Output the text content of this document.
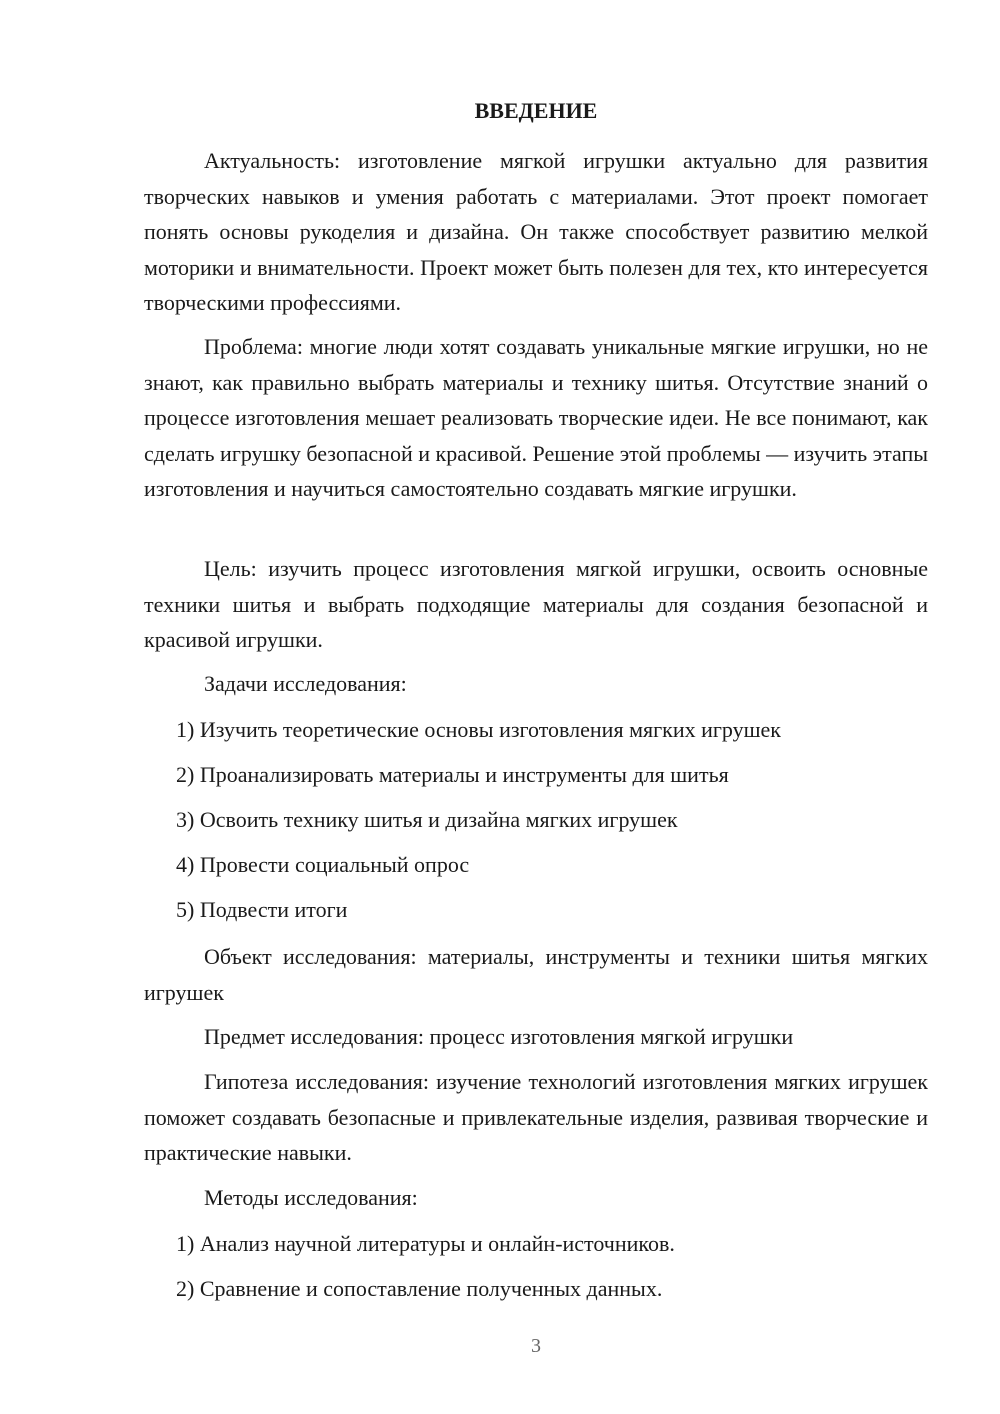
ВВЕДЕНИЕ

Актуальность: изготовление мягкой игрушки актуально для развития творческих навыков и умения работать с материалами. Этот проект помогает понять основы рукоделия и дизайна. Он также способствует развитию мелкой моторики и внимательности. Проект может быть полезен для тех, кто интересуется творческими профессиями.

Проблема: многие люди хотят создавать уникальные мягкие игрушки, но не знают, как правильно выбрать материалы и технику шитья. Отсутствие знаний о процессе изготовления мешает реализовать творческие идеи. Не все понимают, как сделать игрушку безопасной и красивой. Решение этой проблемы — изучить этапы изготовления и научиться самостоятельно создавать мягкие игрушки.

Цель: изучить процесс изготовления мягкой игрушки, освоить основные техники шитья и выбрать подходящие материалы для создания безопасной и красивой игрушки.

Задачи исследования:

1) Изучить теоретические основы изготовления мягких игрушек

2) Проанализировать материалы и инструменты для шитья

3) Освоить технику шитья и дизайна мягких игрушек

4) Провести социальный опрос

5) Подвести итоги

Объект исследования: материалы, инструменты и техники шитья мягких игрушек

Предмет исследования: процесс изготовления мягкой игрушки

Гипотеза исследования: изучение технологий изготовления мягких игрушек поможет создавать безопасные и привлекательные изделия, развивая творческие и практические навыки.

Методы исследования:

1) Анализ научной литературы и онлайн-источников.

2) Сравнение и сопоставление полученных данных.

3
